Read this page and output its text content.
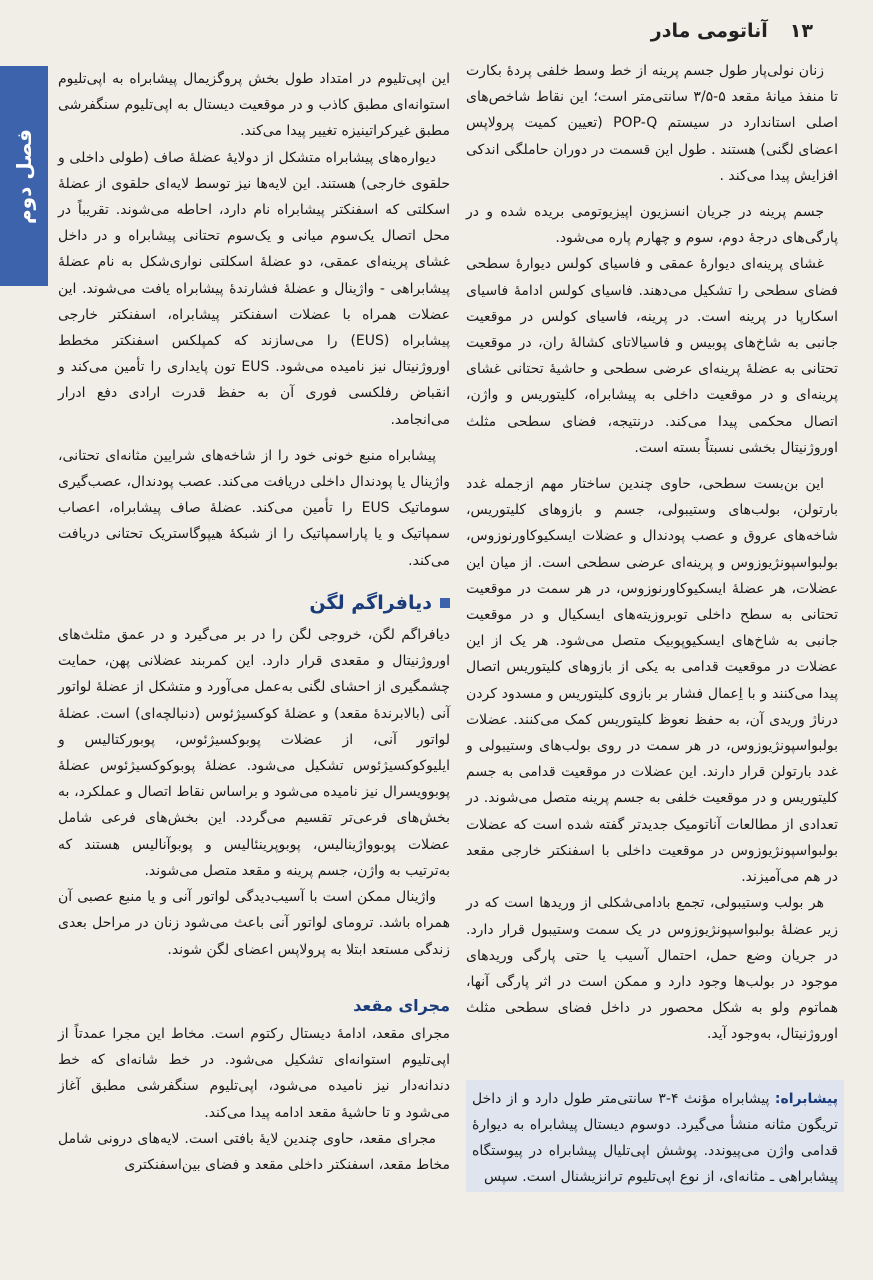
۱۳
آناتومی مادر
فصل دوم

زنان نولی‌پار طول جسم پرینه از خط وسط خلفی پردهٔ بکارت تا منفذ میانهٔ مقعد ۵-۳/۵ سانتی‌متر است؛ این نقاط شاخص‌های اصلی استاندارد در سیستم POP-Q (تعیین کمیت پرولاپس اعضای لگنی) هستند . طول این قسمت در دوران حاملگی اندکی افزایش پیدا می‌کند .

جسم پرینه در جریان انسزیون اپیزیوتومی بریده شده و در پارگی‌های درجهٔ دوم، سوم و چهارم پاره می‌شود.

غشای پرینه‌ای دیوارهٔ عمقی و فاسیای کولس دیوارهٔ سطحی فضای سطحی را تشکیل می‌دهند. فاسیای کولس ادامهٔ فاسیای اسکارپا در پرینه است. در پرینه، فاسیای کولس در موقعیت جانبی به شاخ‌های پوبیس و فاسیالاتای کشالهٔ ران، در موقعیت تحتانی به عضلهٔ پرینه‌ای عرضی سطحی و حاشیهٔ تحتانی غشای پرینه‌ای و در موقعیت داخلی به پیشابراه، کلیتوریس و واژن، اتصال محکمی پیدا می‌کند. درنتیجه، فضای سطحی مثلث اوروژنیتال بخشی نسبتاً بسته است.

این بن‌بست سطحی، حاوی چندین ساختار مهم ازجمله غدد بارتولن، بولب‌های وستیبولی، جسم و بازوهای کلیتوریس، شاخه‌های عروق و عصب پودندال و عضلات ایسکیوکاورنوزوس، بولبواسپونژیوزوس و پرینه‌ای عرضی سطحی است. از میان این عضلات، هر عضلهٔ ایسکیوکاورنوزوس، در هر سمت در موقعیت تحتانی به سطح داخلی توبروزیته‌های ایسکیال و در موقعیت جانبی به شاخ‌های ایسکیوپوبیک متصل می‌شود. هر یک از این عضلات در موقعیت قدامی به یکی از بازوهای کلیتوریس اتصال پیدا می‌کنند و با اِعمال فشار بر بازوی کلیتوریس و مسدود کردن درناژ وریدی آن، به حفظ نعوظ کلیتوریس کمک می‌کنند. عضلات بولبواسپونژیوزوس، در هر سمت در روی بولب‌های وستیبولی و غدد بارتولن قرار دارند. این عضلات در موقعیت قدامی به جسم کلیتوریس و در موقعیت خلفی به جسم پرینه متصل می‌شوند. در تعدادی از مطالعات آناتومیک جدیدتر گفته شده است که عضلات بولبواسپونژیوزوس در موقعیت داخلی با اسفنکتر خارجی مقعد در هم می‌آمیزند.

هر بولب وستیبولی، تجمع بادامی‌شکلی از وریدها است که در زیر عضلهٔ بولبواسپونژیوزوس در یک سمت وستیبول قرار دارد. در جریان وضع حمل، احتمال آسیب یا حتی پارگی وریدهای موجود در بولب‌ها وجود دارد و ممکن است در اثر پارگی آنها، هماتوم ولو به شکل محصور در داخل فضای سطحی مثلث اوروژنیتال، به‌وجود آید.

پیشابراه: پیشابراه مؤنث ۴-۳ سانتی‌متر طول دارد و از داخل تریگون مثانه منشأ می‌گیرد. دوسوم دیستال پیشابراه به دیوارهٔ قدامی واژن می‌پیوندد. پوشش اپی‌تلیال پیشابراه در پیوستگاه پیشابراهی ـ مثانه‌ای، از نوع اپی‌تلیوم ترانزیشنال است. سپس

این اپی‌تلیوم در امتداد طول بخش پروگزیمال پیشابراه به اپی‌تلیوم استوانه‌ای مطبق کاذب و در موقعیت دیستال به اپی‌تلیوم سنگفرشی مطبق غیرکراتینیزه تغییر پیدا می‌کند.

دیواره‌های پیشابراه متشکل از دولایهٔ عضلهٔ صاف (طولی داخلی و حلقوی خارجی) هستند. این لایه‌ها نیز توسط لایه‌ای حلقوی از عضلهٔ اسکلتی که اسفنکتر پیشابراه نام دارد، احاطه می‌شوند. تقریباً در محل اتصال یک‌سوم میانی و یک‌سوم تحتانی پیشابراه و در داخل غشای پرینه‌ای عمقی، دو عضلهٔ اسکلتی نواری‌شکل به نام عضلهٔ پیشابراهی - واژینال و عضلهٔ فشارندهٔ پیشابراه یافت می‌شوند. این عضلات همراه با عضلات اسفنکتر پیشابراه، اسفنکتر خارجی پیشابراه (EUS) را می‌سازند که کمپلکس اسفنکتر مخطط اوروژنیتال نیز نامیده می‌شود. EUS تون پایداری را تأمین می‌کند و انقباض رفلکسی فوری آن به حفظ قدرت ارادی دفع ادرار می‌انجامد.

پیشابراه منبع خونی خود را از شاخه‌های شرایین مثانه‌ای تحتانی، واژینال یا پودندال داخلی دریافت می‌کند. عصب پودندال، عصب‌گیری سوماتیک EUS را تأمین می‌کند. عضلهٔ صاف پیشابراه، اعصاب سمپاتیک و یا پاراسمپاتیک را از شبکهٔ هیپوگاستریک تحتانی دریافت می‌کند.

دیافراگم لگن

دیافراگم لگن، خروجی لگن را در بر می‌گیرد و در عمق مثلث‌های اوروژنیتال و مقعدی قرار دارد. این کمربند عضلانی پهن، حمایت چشمگیری از احشای لگنی به‌عمل می‌آورد و متشکل از عضلهٔ لواتور آنی (بالابرندهٔ مقعد) و عضلهٔ کوکسیژئوس (دنبالچه‌ای) است. عضلهٔ لواتور آنی، از عضلات پوبوکسیژئوس، پوبورکتالیس و ایلیوکوکسیژئوس تشکیل می‌شود. عضلهٔ پوبوکوکسیژئوس عضلهٔ پوبوویسرال نیز نامیده می‌شود و براساس نقاط اتصال و عملکرد، به بخش‌های فرعی‌تر تقسیم می‌گردد. این بخش‌های فرعی شامل عضلات پوبوواژینالیس، پوبوپرینئالیس و پوبوآنالیس هستند که به‌ترتیب به واژن، جسم پرینه و مقعد متصل می‌شوند.

واژینال ممکن است با آسیب‌دیدگی لواتور آنی و یا منبع عصبی آن همراه باشد. ترومای لواتور آنی باعث می‌شود زنان در مراحل بعدی زندگی مستعد ابتلا به پرولاپس اعضای لگن شوند.

مجرای مقعد

مجرای مقعد، ادامهٔ دیستال رکتوم است. مخاط این مجرا عمدتاً از اپی‌تلیوم استوانه‌ای تشکیل می‌شود. در خط شانه‌ای که خط دندانه‌دار نیز نامیده می‌شود، اپی‌تلیوم سنگفرشی مطبق آغاز می‌شود و تا حاشیهٔ مقعد ادامه پیدا می‌کند.

مجرای مقعد، حاوی چندین لایهٔ بافتی است. لایه‌های درونی شامل مخاط مقعد، اسفنکتر داخلی مقعد و فضای بین‌اسفنکتری
